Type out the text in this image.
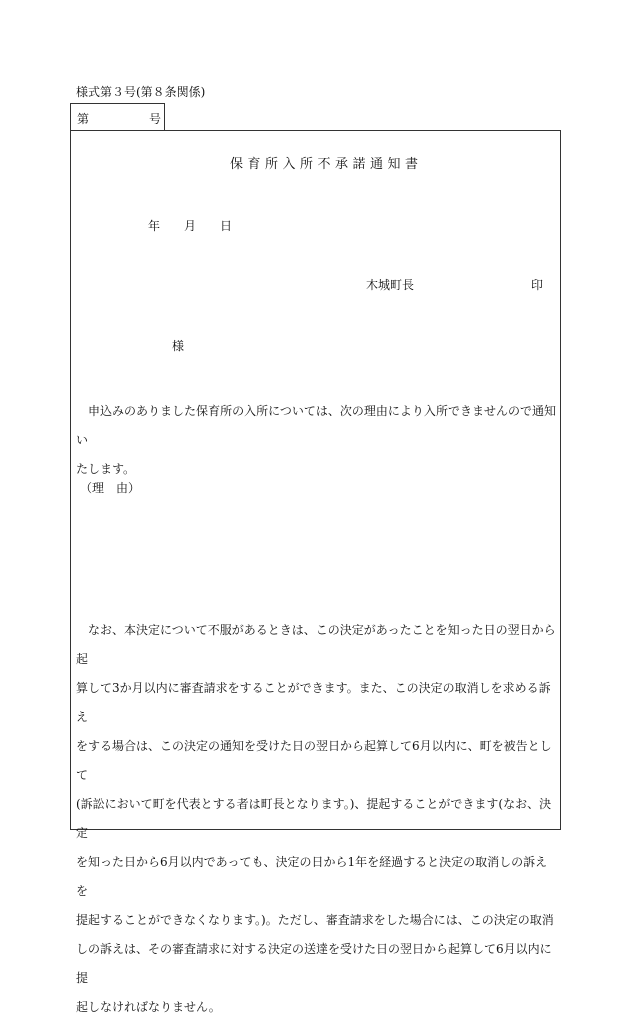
様式第３号(第８条関係)
第	号
保育所入所不承諾通知書
年 月 日
木城町長	印
様

　申込みのありました保育所の入所については、次の理由により入所できませんので通知い

たします。

（理　由）

　なお、本決定について不服があるときは、この決定があったことを知った日の翌日から起

算して3か月以内に審査請求をすることができます。また、この決定の取消しを求める訴え

をする場合は、この決定の通知を受けた日の翌日から起算して6月以内に、町を被告として

(訴訟において町を代表とする者は町長となります。)、提起することができます(なお、決定

を知った日から6月以内であっても、決定の日から1年を経過すると決定の取消しの訴えを

提起することができなくなります。)。ただし、審査請求をした場合には、この決定の取消

しの訴えは、その審査請求に対する決定の送達を受けた日の翌日から起算して6月以内に提

起しなければなりません。
